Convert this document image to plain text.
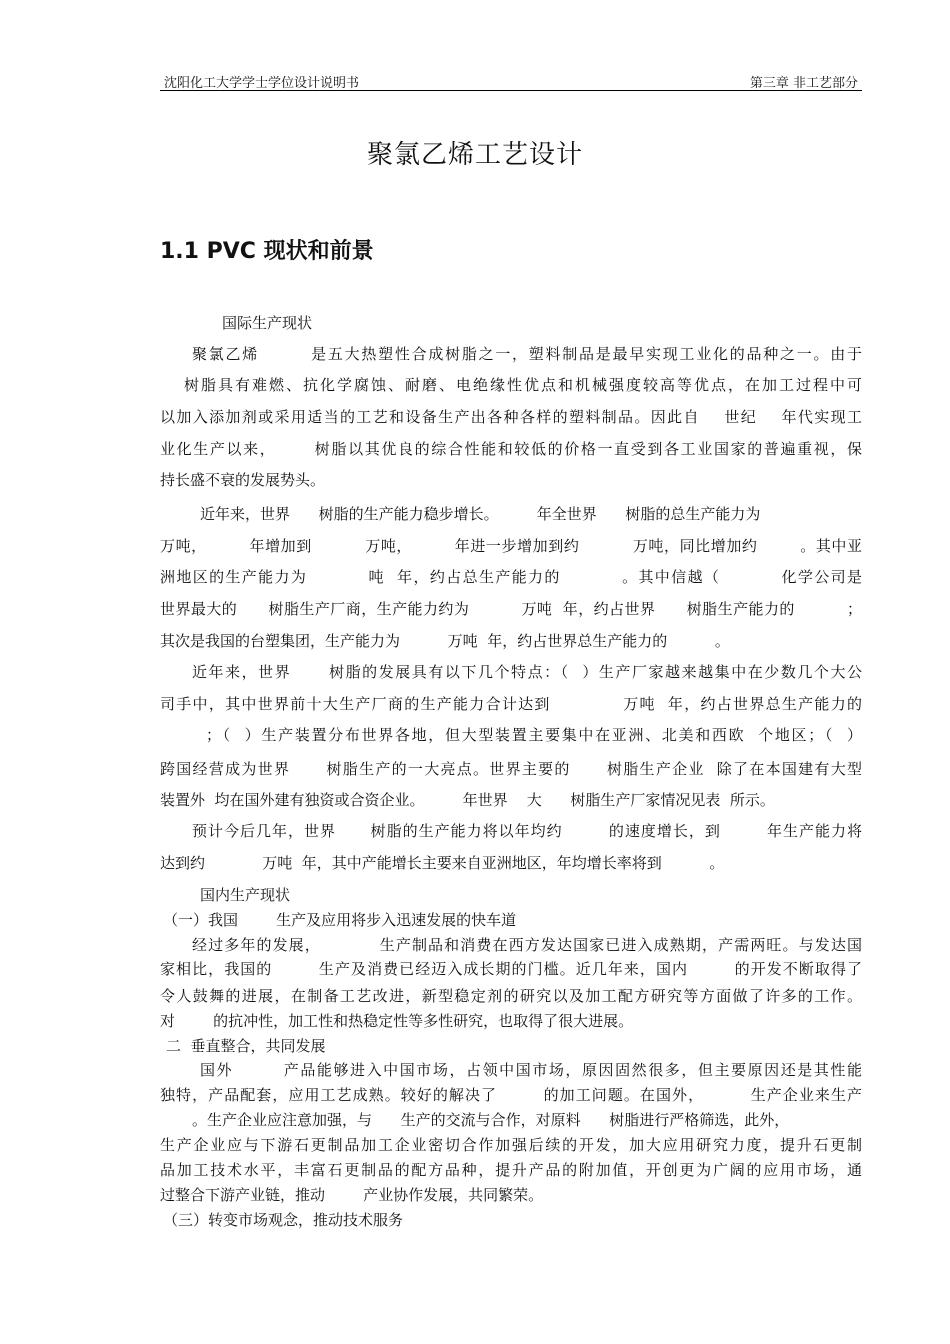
沈阳化工大学学士学位设计说明书	第三章 非工艺部分
聚氯乙烯工艺设计
1.1 PVC 现状和前景
国际生产现状
聚氯乙烯        是五大热塑性合成树脂之一，塑料制品是最早实现工业化的品种之一。由于
树脂具有难燃、抗化学腐蚀、耐磨、电绝缘性优点和机械强度较高等优点，在加工过程中可
以加入添加剂或采用适当的工艺和设备生产出各种各样的塑料制品。因此自    世纪    年代实现工
业化生产以来，      树脂以其优良的综合性能和较低的价格一直受到各工业国家的普遍重视，保
持长盛不衰的发展势头。
近年来，世界      树脂的生产能力稳步增长。        年全世界      树脂的总生产能力为
万吨，        年增加到          万吨，        年进一步增加到约          万吨，同比增加约        。其中亚
洲地区的生产能力为          吨  年，约占总生产能力的          。其中信越（          化学公司是
世界最大的      树脂生产厂商，生产能力约为          万吨  年，约占世界      树脂生产能力的          ；
其次是我国的台塑集团，生产能力为          万吨  年，约占世界总生产能力的          。
近年来，世界      树脂的发展具有以下几个特点：（  ）生产厂家越来越集中在少数几个大公
司手中，其中世界前十大生产厂商的生产能力合计达到            万吨  年，约占世界总生产能力的
；（  ）生产装置分布世界各地，但大型装置主要集中在亚洲、北美和西欧  个地区；（  ）
跨国经营成为世界      树脂生产的一大亮点。世界主要的      树脂生产企业  除了在本国建有大型
装置外  均在国外建有独资或合资企业。        年世界    大      树脂生产厂家情况见表  所示。
预计今后几年，世界      树脂的生产能力将以年均约        的速度增长，到        年生产能力将
达到约            万吨  年，其中产能增长主要来自亚洲地区，年均增长率将到          。
国内生产现状
（一）我国        生产及应用将步入迅速发展的快车道
经过多年的发展，          生产制品和消费在西方发达国家已进入成熟期，产需两旺。与发达国
家相比，我国的        生产及消费已经迈入成长期的门槛。近几年来，国内        的开发不断取得了
令人鼓舞的进展，在制备工艺改进，新型稳定剂的研究以及加工配方研究等方面做了许多的工作。
对        的抗冲性，加工性和热稳定性等多性研究，也取得了很大进展。
二  垂直整合，共同发展
国外        产品能够进入中国市场，占领中国市场，原因固然很多，但主要原因还是其性能
独特，产品配套，应用工艺成熟。较好的解决了        的加工问题。在国外，        生产企业来生产
。生产企业应注意加强，与      生产的交流与合作，对原料      树脂进行严格筛选，此外，
生产企业应与下游石更制品加工企业密切合作加强后续的开发，加大应用研究力度，提升石更制
品加工技术水平，丰富石更制品的配方品种，提升产品的附加值，开创更为广阔的应用市场，通
过整合下游产业链，推动        产业协作发展，共同繁荣。
（三）转变市场观念，推动技术服务
